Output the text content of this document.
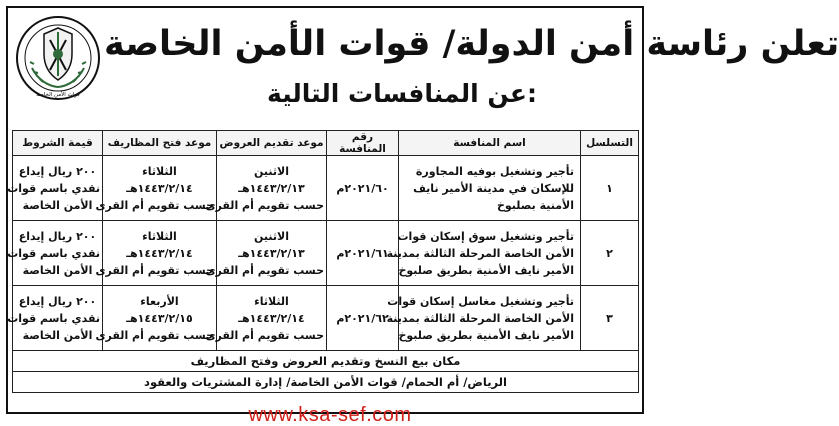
قوات الأمن الخاصة
تعلن رئاسة أمن الدولة/ قوات الأمن الخاصة
عن المنافسات التالية:
التسلسل	اسم المنافسة	رقم المنافسة	موعد تقديم العروض	موعد فتح المظاريف	قيمة الشروط
١	تأجير وتشغيل بوفيه المجاورة
للإسكان في مدينة الأمير نايف
الأمنية بصلبوخ	٢٠٢١/٦٠م	الاثنين
١٤٤٣/٢/١٣هـ
حسب تقويم أم القرى	الثلاثاء
١٤٤٣/٢/١٤هـ
حسب تقويم أم القرى	٢٠٠ ريال إيداع
نقدي باسم قوات
الأمن الخاصة

٢	تأجير وتشغيل سوق إسكان قوات
الأمن الخاصة المرحلة الثالثة بمدينة
الأمير نايف الأمنية بطريق صلبوخ	٢٠٢١/٦١م	الاثنين
١٤٤٣/٢/١٣هـ
حسب تقويم أم القرى	الثلاثاء
١٤٤٣/٢/١٤هـ
حسب تقويم أم القرى	٢٠٠ ريال إيداع
نقدي باسم قوات
الأمن الخاصة

٣	تأجير وتشغيل مغاسل إسكان قوات
الأمن الخاصة المرحلة الثالثة بمدينة
الأمير نايف الأمنية بطريق صلبوخ	٢٠٢١/٦٢م	الثلاثاء
١٤٤٣/٢/١٤هـ
حسب تقويم أم القرى	الأربعاء
١٤٤٣/٢/١٥هـ
حسب تقويم أم القرى	٢٠٠ ريال إيداع
نقدي باسم قوات
الأمن الخاصة

مكان بيع النسخ وتقديم العروض وفتح المظاريف					
الرياض/ أم الحمام/ قوات الأمن الخاصة/ إدارة المشتريات والعقود					
www.ksa-sef.com
